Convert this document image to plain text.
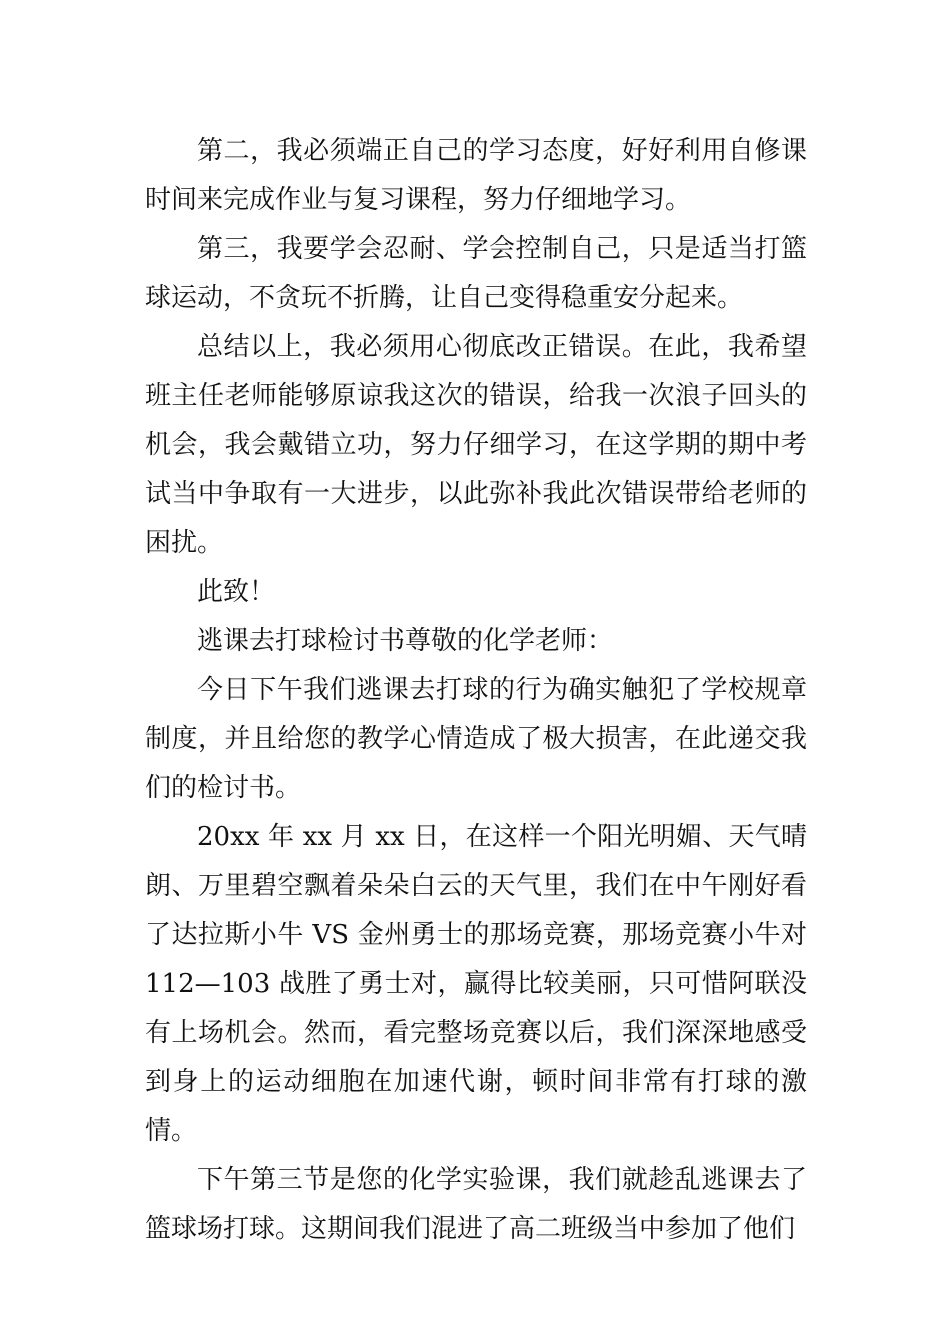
第二，我必须端正自己的学习态度，好好利用自修课时间来完成作业与复习课程，努力仔细地学习。

第三，我要学会忍耐、学会控制自己，只是适当打篮球运动，不贪玩不折腾，让自己变得稳重安分起来。

总结以上，我必须用心彻底改正错误。在此，我希望班主任老师能够原谅我这次的错误，给我一次浪子回头的机会，我会戴错立功，努力仔细学习，在这学期的期中考试当中争取有一大进步，以此弥补我此次错误带给老师的困扰。

此致！

逃课去打球检讨书尊敬的化学老师：

今日下午我们逃课去打球的行为确实触犯了学校规章制度，并且给您的教学心情造成了极大损害，在此递交我们的检讨书。

20xx 年 xx 月 xx 日，在这样一个阳光明媚、天气晴朗、万里碧空飘着朵朵白云的天气里，我们在中午刚好看了达拉斯小牛 VS 金州勇士的那场竞赛，那场竞赛小牛对 112—103 战胜了勇士对，赢得比较美丽，只可惜阿联没有上场机会。然而，看完整场竞赛以后，我们深深地感受到身上的运动细胞在加速代谢，顿时间非常有打球的激情。

下午第三节是您的化学实验课，我们就趁乱逃课去了篮球场打球。这期间我们混进了高二班级当中参加了他们
